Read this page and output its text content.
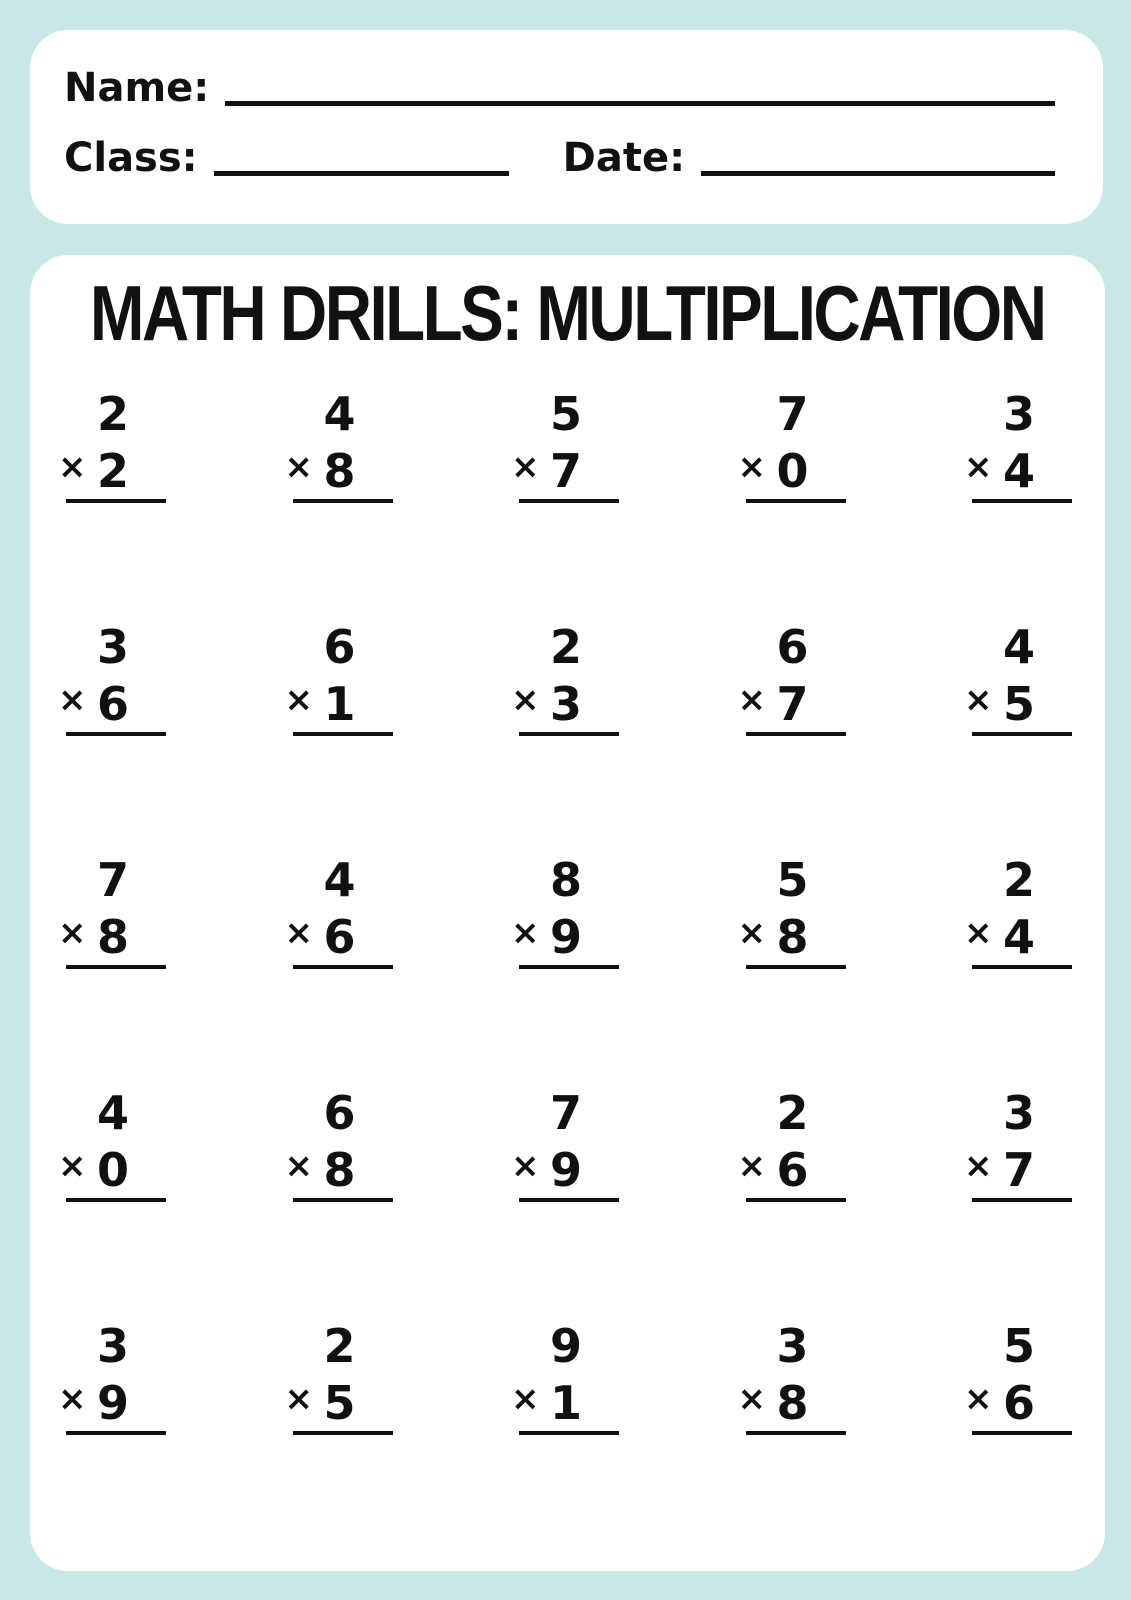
Name:
Class:	Date:
MATH DRILLS: MULTIPLICATION
2
× 2
4
× 8
5
× 7
7
× 0
3
× 4
3
× 6
6
× 1
2
× 3
6
× 7
4
× 5
7
× 8
4
× 6
8
× 9
5
× 8
2
× 4
4
× 0
6
× 8
7
× 9
2
× 6
3
× 7
3
× 9
2
× 5
9
× 1
3
× 8
5
× 6
